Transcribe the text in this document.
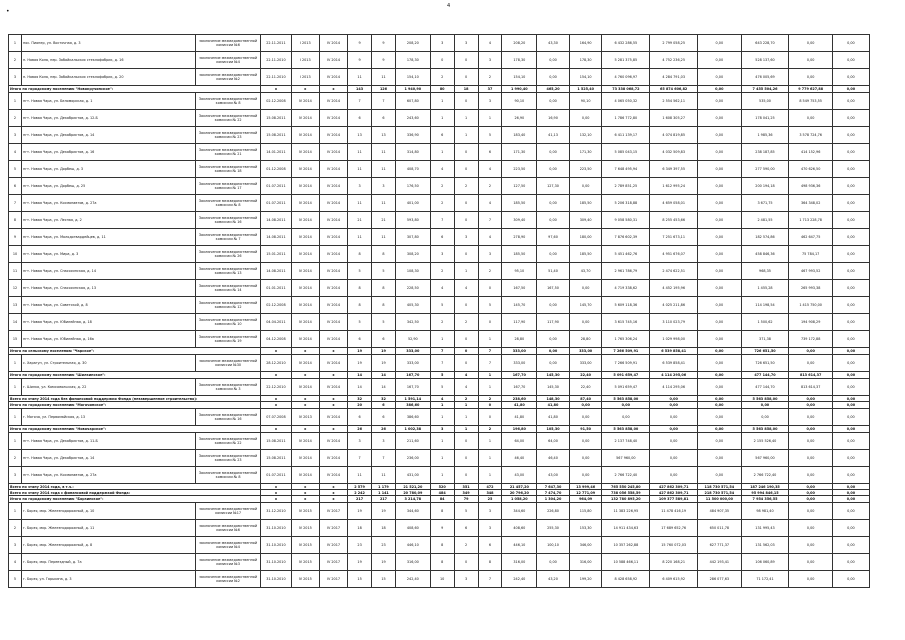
4
•
1	пос. Пионер, ул. Восточная, д. 3	заключение межведомственной комиссии №6	22.11.2011	I 2013	IV 2014	9	9	208,20	3	3	4	208,20	43,30	164,90	6 432 286,55	2 799 058,25	0,00	643 228,70	0,00	0,00
2	п. Новая Кола, пер. Забайкальских стеклофабрик, д. 16	заключение межведомственной комиссии №4	22.11.2010	I 2013	IV 2014	9	9	178,30	0	0	3	178,30	0,00	178,30	5 281 375,85	4 752 236,25	0,00	528 137,60	0,00	0,00
3	п. Новая Кола, пер. Забайкальских стеклофабрик, д. 20	заключение межведомственной комиссии №2	22.11.2010	I 2013	IV 2014	11	11	154,10	2	0	2	154,10	0,00	154,10	4 760 096,97	4 284 791,03	0,00	476 005,69	0,00	0,00
Итого по городскому поселению "Новокручинское":			x	x	x	143	126	1 940,90	80	18	37	1 990,40	465,20	1 525,40	73 338 068,72	65 874 606,82	0,00	7 455 504,26	9 779 627,88	0,00
1	пгт. Новая Чара, ул. Беломорская, д. 1	Заключение межведомственной комиссии № 8	02.12.2008	IV 2014	IV 2014	7	7	607,80	1	0	3	90,10	0,00	90,10	4 065 050,32	2 554 562,11	0,00	535,00	8 549 753,55	0,00
2	пгт. Новая Чара, ул. Декабристов, д. 12-Б	Заключение межведомственной комиссии № 22	15.08.2011	IV 2014	IV 2014	6	6	243,60	1	1	1	26,90	16,90	0,00	1 786 772,80	1 608 305,27	0,00	178 041,25	0,00	0,00
3	пгт. Новая Чара, ул. Декабристов, д. 14	Заключение межведомственной комиссии № 23	15.08.2011	IV 2014	IV 2014	13	13	336,90	6	1	5	183,40	41,13	132,10	6 411 139,17	4 074 819,85	0,00	1 985,36	3 578 724,76	0,00
4	пгт. Новая Чара, ул. Декабристов, д. 16	Заключение межведомственной комиссии № 21	14.01.2011	IV 2014	IV 2014	11	11	314,80	1	0	6	171,30	0,00	171,30	5 085 043,15	4 032 509,83	0,00	238 187,85	414 152,96	0,00
5	пгт. Новая Чара, ул. Дорбеш, д. 3	Заключение межведомственной комиссии № 18	01.12.2008	IV 2014	IV 2014	11	11	408,70	4	0	4	223,50	0,00	223,50	7 648 495,94	6 349 397,55	0,00	277 590,00	470 626,50	0,00
6	пгт. Новая Чара, ул. Дорбеш, д. 25	Заключение межведомственной комиссии № 17	01.07.2011	IV 2014	IV 2014	3	3	176,50	2	2	2	127,50	127,30	0,00	2 789 851,25	1 612 995,24	0,00	200 194,18	498 936,36	0,00
7	пгт. Новая Чара, ул. Космонавтов, д. 27а	Заключение межведомственной комиссии № 8	01.07.2011	IV 2014	IV 2014	11	11	401,00	2	0	4	185,50	0,00	185,50	5 206 318,88	4 659 058,01	0,00	3 671,75	364 348,02	0,00
8	пгт. Новая Чара, ул. Лесная, д. 2	Заключение межведомственной комиссии № 16	14.08.2011	IV 2014	IV 2014	21	21	593,80	7	0	7	309,40	0,00	309,40	9 058 580,31	8 255 453,66	0,00	2 481,55	1 713 228,78	0,00
9	пгт. Новая Чара, ул. Молодогвардейцев, д. 11	Заключение межведомственной комиссии № 7	14.08.2011	IV 2014	IV 2014	11	11	307,80	6	3	4	278,90	97,60	180,00	7 876 602,39	7 251 673,11	0,00	182 574,86	462 647,75	0,00
10	пгт. Новая Чара, ул. Мира, д. 3	Заключение межведомственной комиссии № 26	15.01.2011	IV 2014	IV 2014	8	8	308,20	3	0	3	185,50	0,00	185,50	5 451 462,76	4 951 676,07	0,00	458 846,36	75 784,17	0,00
11	пгт. Новая Чара, ул. Спасосинская, д. 14	Заключение межведомственной комиссии № 13	14.08.2011	IV 2014	IV 2014	5	5	108,30	2	1	2	95,10	51,40	43,70	2 961 786,79	2 474 622,51	0,00	968,35	467 993,52	0,00
12	пгт. Новая Чара, ул. Спасосинская, д. 13	Заключение межведомственной комиссии № 14	01.01.2011	IV 2014	IV 2014	8	8	228,50	4	4	0	167,50	167,50	0,00	4 719 338,62	4 452 195,96	0,00	1 455,28	265 993,38	0,00
13	пгт. Новая Чара, ул. Советской, д. 8	Заключение межведомственной комиссии № 12	02.12.2008	IV 2014	IV 2014	8	8	405,30	5	0	5	145,70	0,00	145,70	5 609 118,36	4 025 211,86	0,00	114 198,54	1 415 750,00	0,00
14	пгт. Новая Чара, ул. Юбилейная, д. 18	Заключение межведомственной комиссии № 10	04.04.2011	IV 2014	IV 2014	5	5	342,50	2	2	0	117,90	117,90	0,00	3 615 745,16	3 110 023,79	0,00	1 500,62	194 908,29	0,00
15	пгт. Новая Чара, ул. Юбилейная, д. 16а	Заключение межведомственной комиссии № 19	04.12.2008	IV 2014	IV 2014	6	6	52,90	1	0	1	28,80	0,00	28,80	1 765 306,24	1 029 998,00	0,00	371,38	739 172,88	0,00
Итого по сельскому поселению "Чарское":			x	x	x	19	19	333,00	7	0	7	333,00	0,00	333,00	7 266 509,91	6 539 858,41	0,00	726 651,50	0,00	0,00
1	с. Харагун, ул. Строительная, д. 30	заключение межведомственной комиссии №30	28.12.2010	IV 2014	IV 2014	19	19	333,00	7	0	7	333,00	0,00	333,00	7 266 509,91	6 539 858,41	0,00	726 651,50	0,00	0,00
Итого по городскому поселению "Шилкинское":			x	x	x	14	14	167,70	5	4	1	167,70	145,30	22,40	5 091 659,47	4 114 295,06	0,00	477 144,70	813 614,37	0,00
1	г. Шилка, ул. Комсомольская, д. 22	Заключение межведомственной комиссии № 3	22.12.2010	IV 2014	IV 2014	14	14	167,70	5	4	1	167,70	145,30	22,40	5 091 659,47	4 114 295,06	0,00	477 144,70	813 614,37	0,00
Всего по этапу 2014 года без финансовой поддержки Фонда (незавершенное строительство):			x	x	x	32	32	1 591,14	4	2	2	238,60	148,30	87,40	5 563 858,00	0,00	0,00	5 563 858,00	0,00	0,00
Итого по городскому поселению "Могочинское":			x	x	x	20	6	386,60	1	1	0	41,80	41,80	0,00	0,00	0,00	0,00	0,00	0,00	0,00
1	г. Могоча, ул. Первомайская, д. 13	Заключение межведомственной комиссии № 16	07.07.2008	IV 2013	IV 2014	6	6	386,60	1	1	0	41,80	41,80	0,00	0,00	0,00	0,00	0,00	0,00	0,00
Итого по городскому поселению "Новочарское":			x	x	x	26	26	1 002,38	3	1	2	196,80	105,30	91,50	5 563 858,00	0,00	0,00	5 563 858,00	0,00	0,00
1	пгт. Новая Чара, ул. Декабристов, д. 11-Б	Заключение межведомственной комиссии № 22	15.08.2011	IV 2014	IV 2014	3	3	211,60	1	0	1	64,00	64,00	0,00	2 137 748,40	0,00	0,00	2 155 526,40	0,00	0,00
2	пгт. Новая Чара, ул. Декабристов, д. 14	Заключение межведомственной комиссии № 23	15.08.2011	IV 2014	IV 2014	7	7	236,00	1	0	1	46,40	46,40	0,00	567 960,00	0,00	0,00	567 960,00	0,00	0,00
3	пгт. Новая Чара, ул. Космонавтов, д. 27а	Заключение межведомственной комиссии № 8	01.07.2011	IV 2014	IV 2014	11	11	431,00	1	0	1	43,00	43,00	0,00	2 766 722,40	0,00	0,00	2 766 722,40	0,00	0,00
Всего по этапу 2014 года, в т.ч.:			x	x	x	2 579	1 179	21 521,20	520	351	472	21 457,20	7 647,30	13 999,46	765 550 245,80	427 862 309,71	118 730 571,54	187 246 190,35	0,00	0,00
Всего по этапу 2014 года с финансовой поддержкой Фонда:			x	x	x	2 242	1 141	20 780,09	484	349	348	20 796,20	7 474,70	12 771,09	738 056 558,59	427 862 309,71	218 730 571,54	95 994 846,15	0,00	0,00
Итого по городскому поселению "Борзинское":			x	x	x	217	217	3 214,78	84	79	25	1 058,20	1 304,20	964,09	132 780 895,20	109 377 589,81	11 500 000,00	7 954 356,55	0,00	0,00
1	г. Борзя, мкр. Железнодорожный, д. 10	заключение межведомственной комиссии №17	31.12.2010	IV 2015	IV 2017	19	19	344,60	8	5	3	344,60	226,80	115,80	11 383 226,95	11 478 416,19	484 907,35	98 981,40	0,00	0,00
2	г. Борзя, мкр. Железнодорожный, д. 11	заключение межведомственной комиссии №6	31.10.2010	IV 2015	IV 2017	18	18	408,60	9	6	3	408,60	255,30	153,30	14 911 434,63	17 689 652,76	650 011,78	131 995,43	0,00	0,00
3	г. Борзя, мкр. Железнодорожный, д. 8	заключение межведомственной комиссии №4	31.10.2010	IV 2015	IV 2017	23	23	446,10	8	2	6	446,10	100,10	346,00	10 357 262,88	15 760 072,03	627 771,37	131 562,03	0,00	0,00
4	г. Борзя, мкр. Переездный, д. 7а	заключение межведомственной комиссии №3	31.10.2010	IV 2015	IV 2017	19	19	316,00	8	0	8	316,00	0,00	316,00	10 588 466,11	8 220 168,21	442 193,41	106 060,89	0,00	0,00
5	г. Борзя, ул. Гарькина, д. 3	заключение межведомственной комиссии №2	31.10.2010	IV 2015	IV 2017	15	15	242,40	10	3	7	242,40	43,20	199,20	8 428 658,92	6 409 615,92	286 077,63	71 172,41	0,00	0,00
